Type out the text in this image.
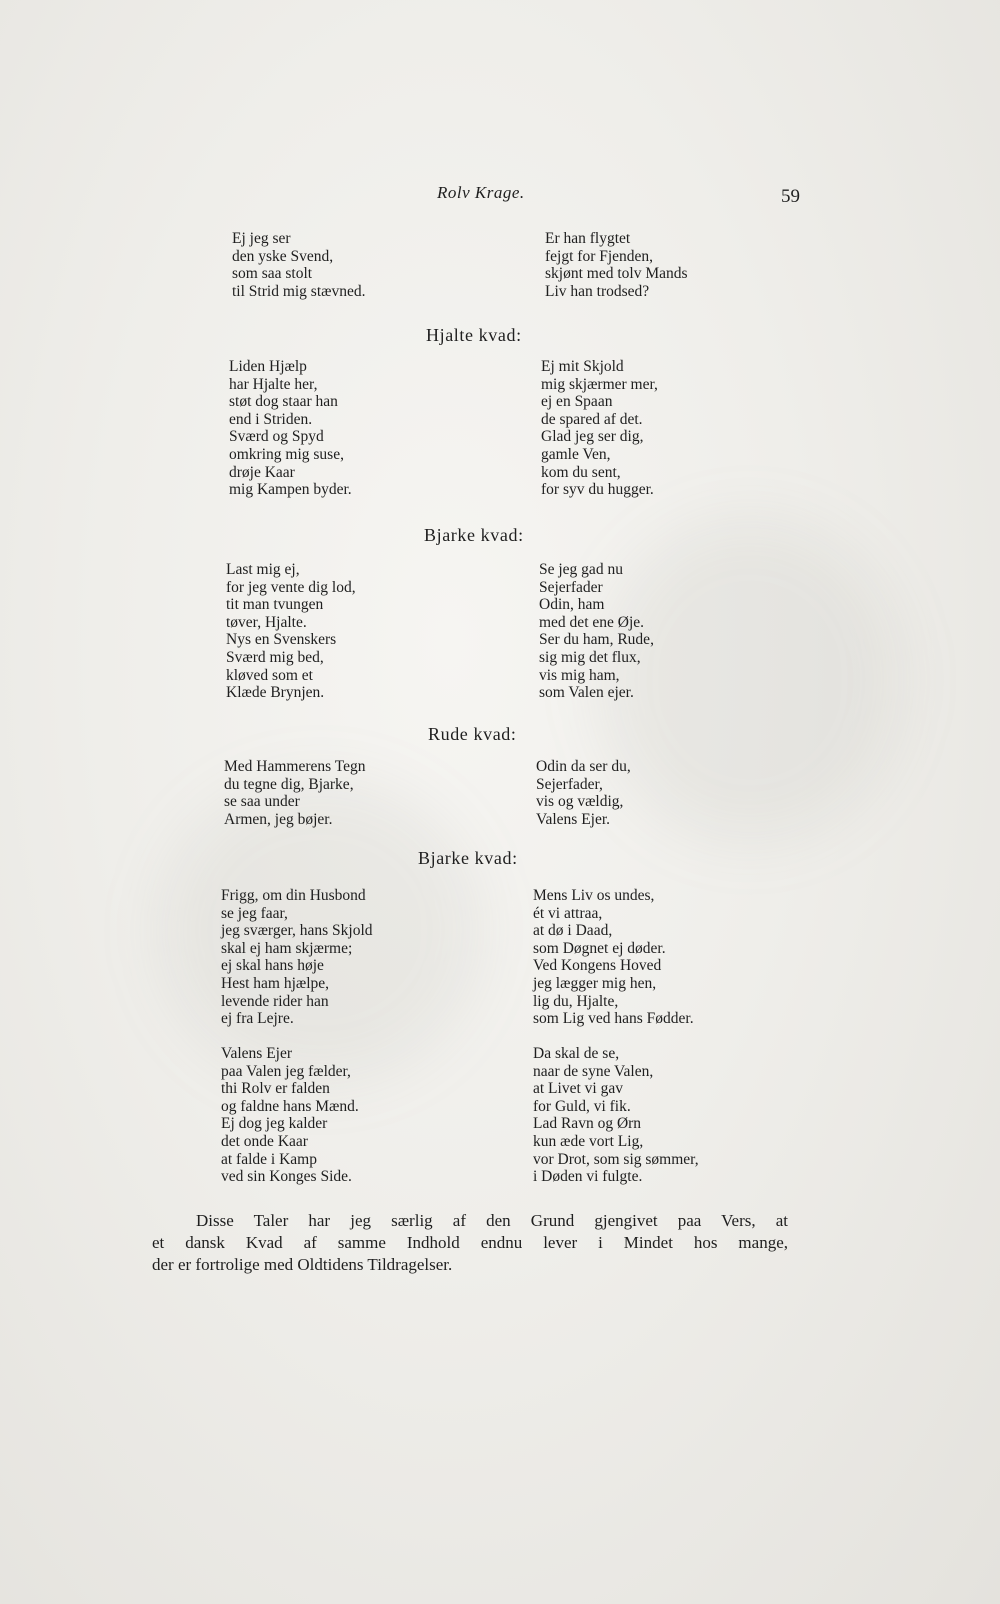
Rolv Krage.	59
Hjalte kvad:
Bjarke kvad:
Rude kvad:
Bjarke kvad:
Ej jeg ser
den yske Svend,
som saa stolt
til Strid mig stævned.
Er han flygtet
fejgt for Fjenden,
skjønt med tolv Mands
Liv han trodsed?
Liden Hjælp
har Hjalte her,
støt dog staar han
end i Striden.
Sværd og Spyd
omkring mig suse,
drøje Kaar
mig Kampen byder.
Ej mit Skjold
mig skjærmer mer,
ej en Spaan
de spared af det.
Glad jeg ser dig,
gamle Ven,
kom du sent,
for syv du hugger.
Last mig ej,
for jeg vente dig lod,
tit man tvungen
tøver, Hjalte.
Nys en Svenskers
Sværd mig bed,
kløved som et
Klæde Brynjen.
Se jeg gad nu
Sejerfader
Odin, ham
med det ene Øje.
Ser du ham, Rude,
sig mig det flux,
vis mig ham,
som Valen ejer.
Med Hammerens Tegn
du tegne dig, Bjarke,
se saa under
Armen, jeg bøjer.
Odin da ser du,
Sejerfader,
vis og vældig,
Valens Ejer.
Frigg, om din Husbond
se jeg faar,
jeg sværger, hans Skjold
skal ej ham skjærme;
ej skal hans høje
Hest ham hjælpe,
levende rider han
ej fra Lejre.
Mens Liv os undes,
ét vi attraa,
at dø i Daad,
som Døgnet ej døder.
Ved Kongens Hoved
jeg lægger mig hen,
lig du, Hjalte,
som Lig ved hans Fødder.
Valens Ejer
paa Valen jeg fælder,
thi Rolv er falden
og faldne hans Mænd.
Ej dog jeg kalder
det onde Kaar
at falde i Kamp
ved sin Konges Side.
Da skal de se,
naar de syne Valen,
at Livet vi gav
for Guld, vi fik.
Lad Ravn og Ørn
kun æde vort Lig,
vor Drot, som sig sømmer,
i Døden vi fulgte.
Disse Taler har jeg særlig af den Grund gjengivet paa Vers, at
et dansk Kvad af samme Indhold endnu lever i Mindet hos mange,
der er fortrolige med Oldtidens Tildragelser.
